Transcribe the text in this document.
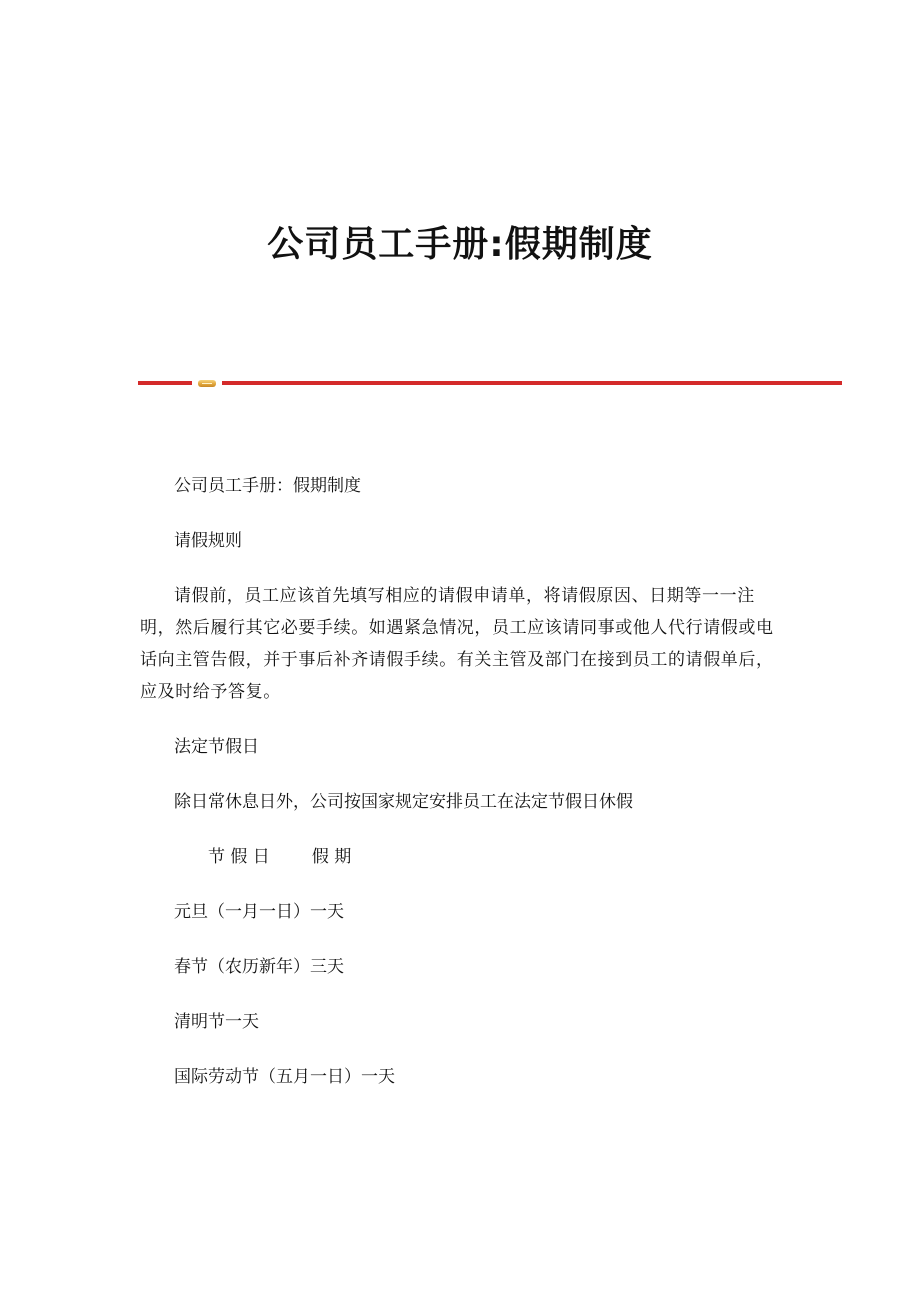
公司员工手册:假期制度

公司员工手册：假期制度

请假规则

请假前，员工应该首先填写相应的请假申请单，将请假原因、日期等一一注明，然后履行其它必要手续。如遇紧急情况，员工应该请同事或他人代行请假或电话向主管告假，并于事后补齐请假手续。有关主管及部门在接到员工的请假单后，应及时给予答复。

法定节假日

除日常休息日外，公司按国家规定安排员工在法定节假日休假

节 假 日 假 期

元旦（一月一日）一天

春节（农历新年）三天

清明节一天

国际劳动节（五月一日）一天
